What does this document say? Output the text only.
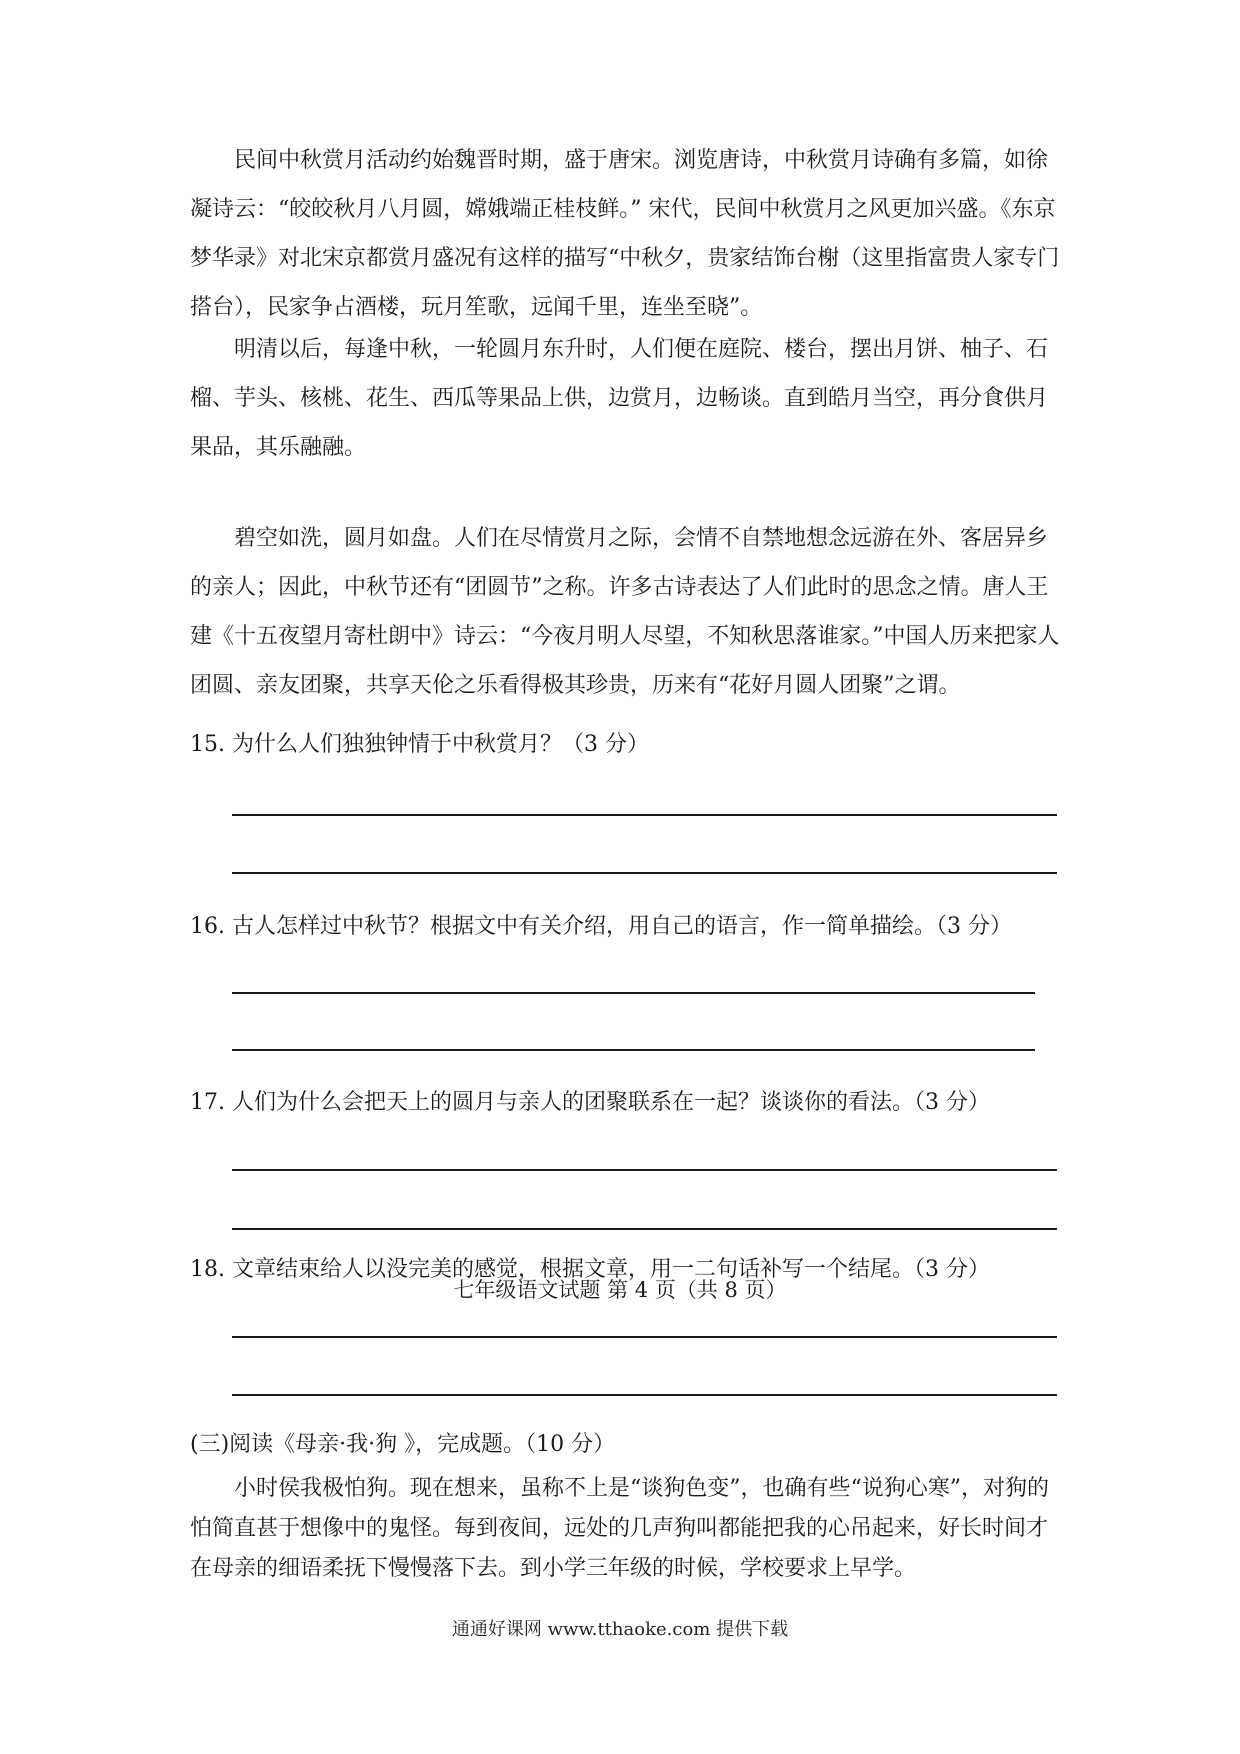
民间中秋赏月活动约始魏晋时期，盛于唐宋。浏览唐诗，中秋赏月诗确有多篇，如徐凝诗云：“皎皎秋月八月圆，嫦娥端正桂枝鲜。” 宋代，民间中秋赏月之风更加兴盛。《东京梦华录》对北宋京都赏月盛况有这样的描写“中秋夕，贵家结饰台榭（这里指富贵人家专门搭台），民家争占酒楼，玩月笙歌，远闻千里，连坐至晓”。

明清以后，每逢中秋，一轮圆月东升时，人们便在庭院、楼台，摆出月饼、柚子、石榴、芋头、核桃、花生、西瓜等果品上供，边赏月，边畅谈。直到皓月当空，再分食供月果品，其乐融融。

碧空如洗，圆月如盘。人们在尽情赏月之际，会情不自禁地想念远游在外、客居异乡的亲人；因此，中秋节还有“团圆节”之称。许多古诗表达了人们此时的思念之情。唐人王建《十五夜望月寄杜朗中》诗云：“今夜月明人尽望，不知秋思落谁家。”中国人历来把家人团圆、亲友团聚，共享天伦之乐看得极其珍贵，历来有“花好月圆人团聚”之谓。

15. 为什么人们独独钟情于中秋赏月？（3 分）

16. 古人怎样过中秋节？根据文中有关介绍，用自己的语言，作一简单描绘。（3 分）

17. 人们为什么会把天上的圆月与亲人的团聚联系在一起？谈谈你的看法。（3 分）

18. 文章结束给人以没完美的感觉，根据文章，用一二句话补写一个结尾。（3 分）

七年级语文试题 第 4 页（共 8 页）

(三)阅读《母亲·我·狗 》，完成题。（10 分）

小时侯我极怕狗。现在想来，虽称不上是“谈狗色变”，也确有些“说狗心寒”，对狗的怕简直甚于想像中的鬼怪。每到夜间，远处的几声狗叫都能把我的心吊起来，好长时间才在母亲的细语柔抚下慢慢落下去。到小学三年级的时候，学校要求上早学。

通通好课网 www.tthaoke.com 提供下载
